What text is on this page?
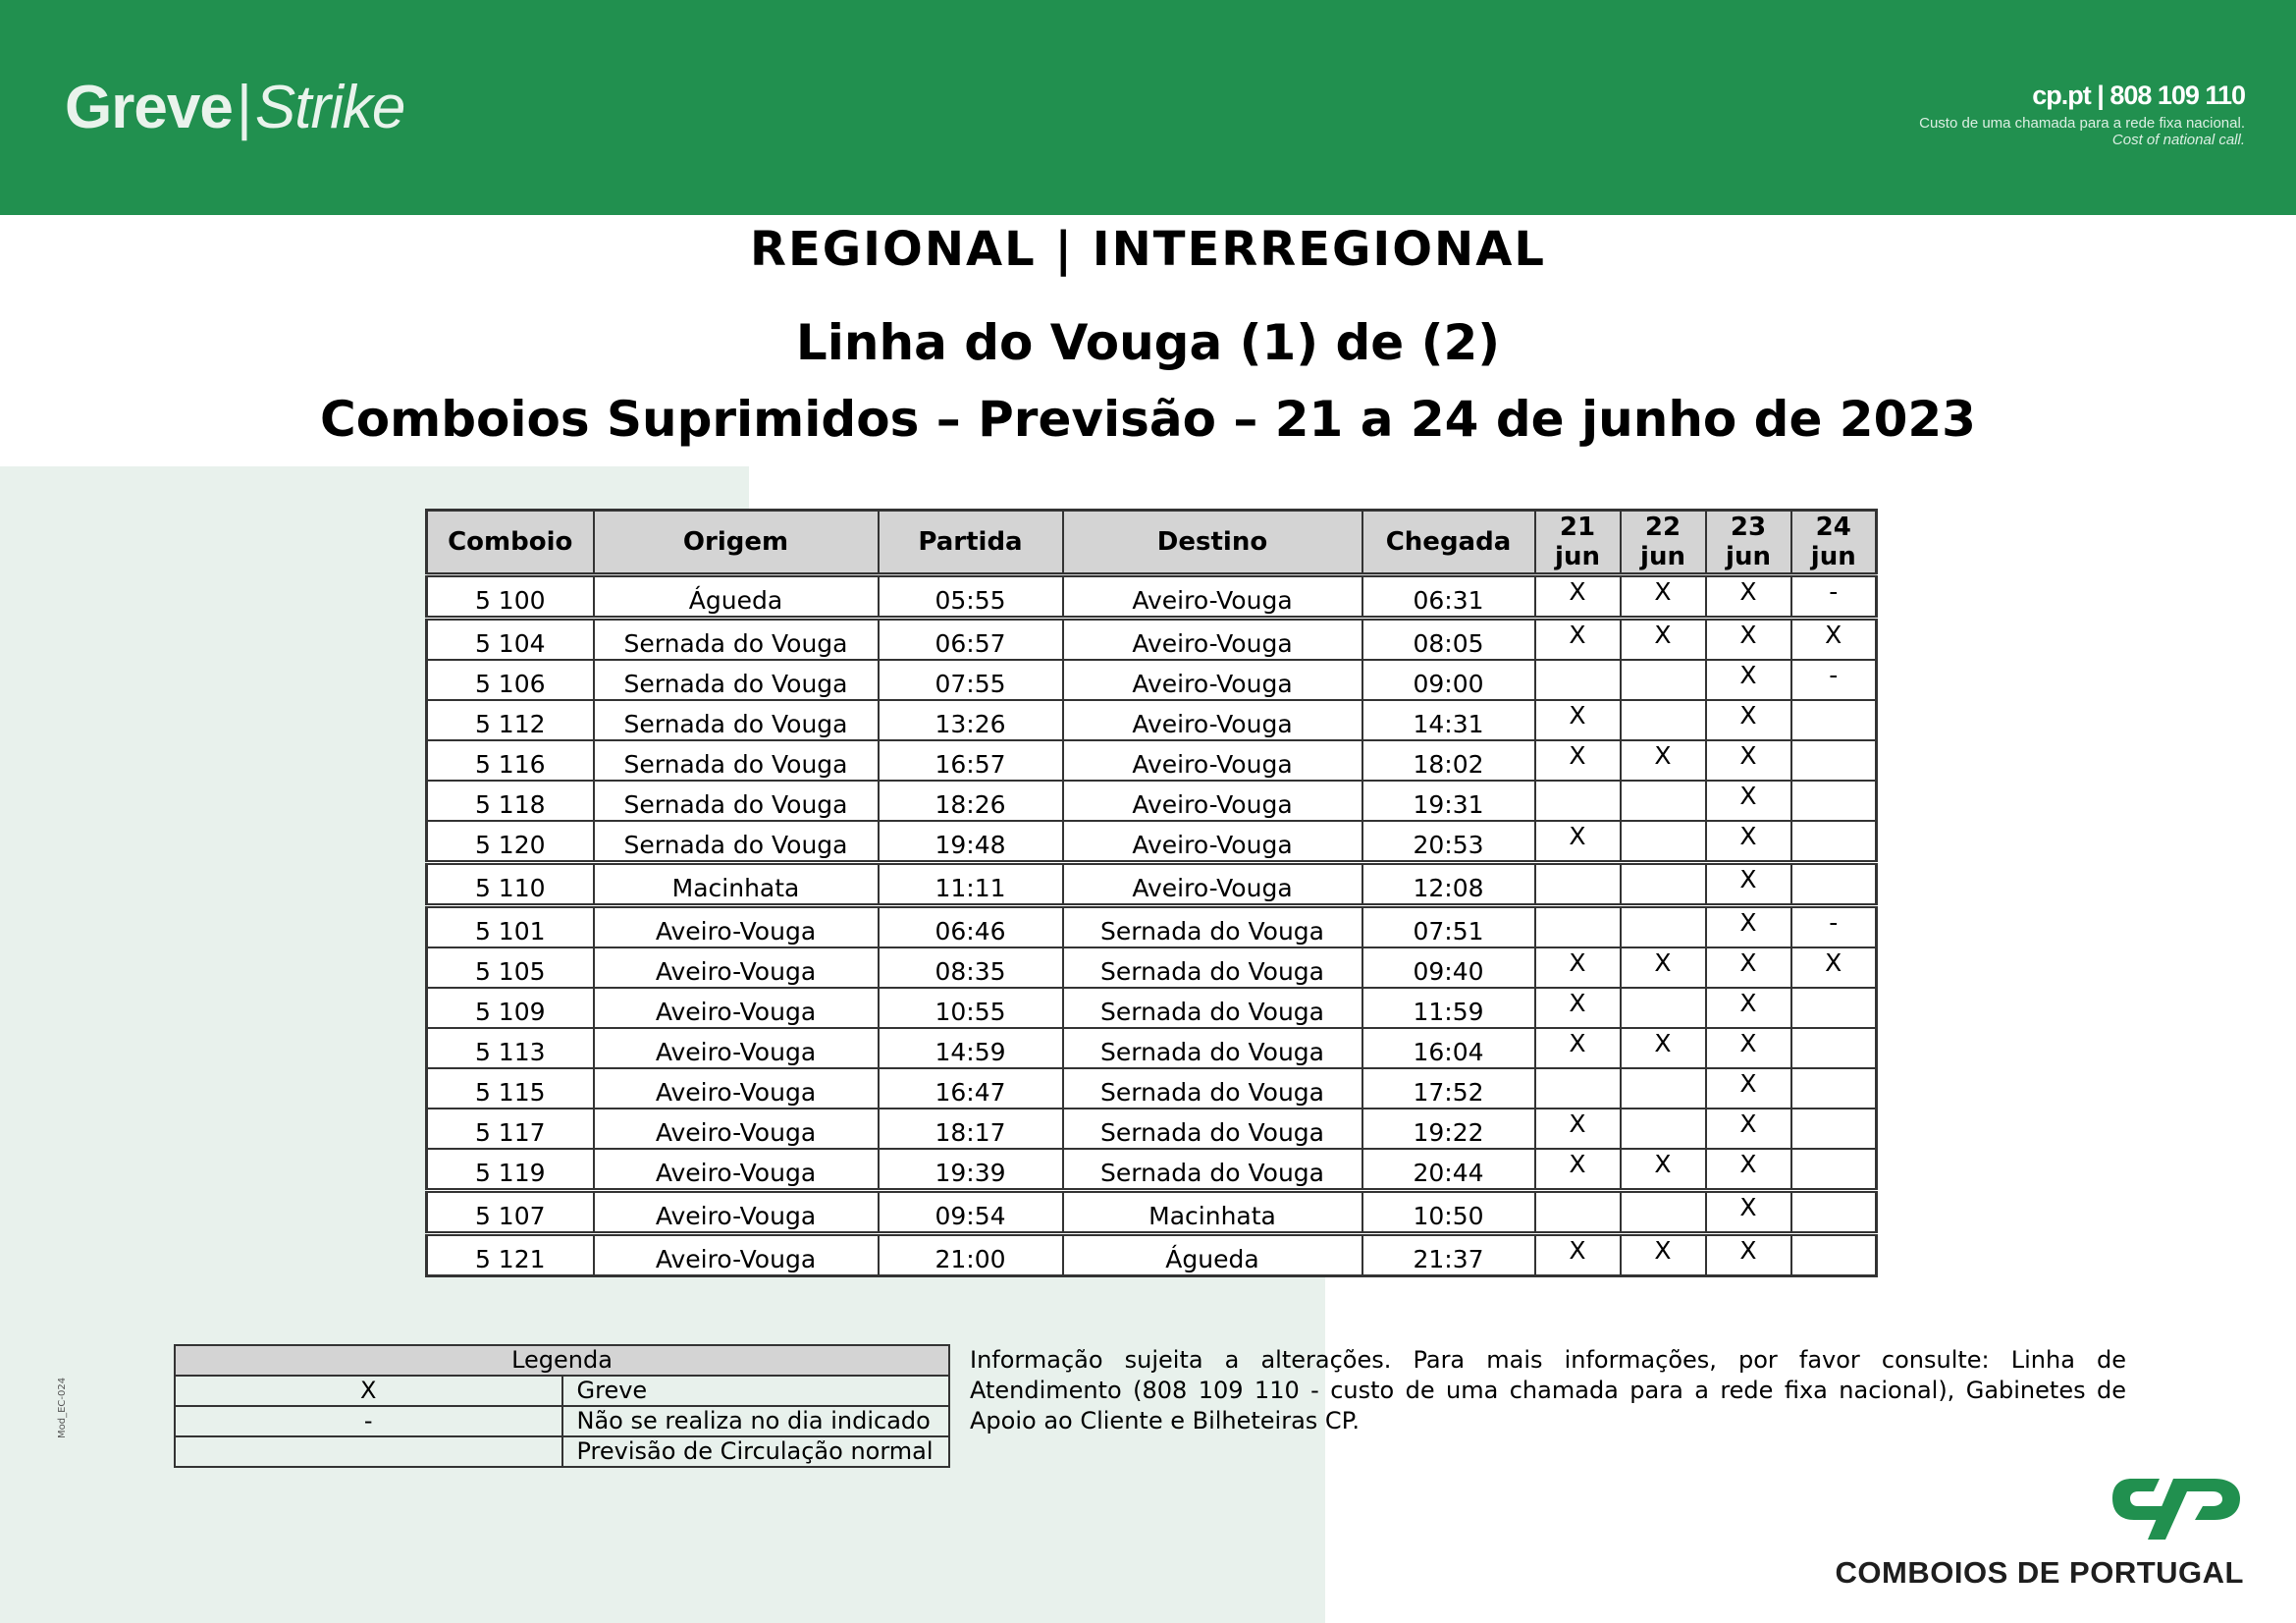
Greve|Strike	cp.pt | 808 109 110
Custo de uma chamada para a rede fixa nacional.
Cost of national call.
REGIONAL | INTERREGIONAL
Linha do Vouga (1) de (2)
Comboios Suprimidos – Previsão – 21 a 24 de junho de 2023
Comboio	Origem	Partida	Destino	Chegada	21 jun	22 jun	23 jun	24 jun
5 100	Águeda	05:55	Aveiro-Vouga	06:31	X	X	X	-
5 104	Sernada do Vouga	06:57	Aveiro-Vouga	08:05	X	X	X	X
5 106	Sernada do Vouga	07:55	Aveiro-Vouga	09:00			X	-
5 112	Sernada do Vouga	13:26	Aveiro-Vouga	14:31	X		X	
5 116	Sernada do Vouga	16:57	Aveiro-Vouga	18:02	X	X	X	
5 118	Sernada do Vouga	18:26	Aveiro-Vouga	19:31			X	
5 120	Sernada do Vouga	19:48	Aveiro-Vouga	20:53	X		X	
5 110	Macinhata	11:11	Aveiro-Vouga	12:08			X	
5 101	Aveiro-Vouga	06:46	Sernada do Vouga	07:51			X	-
5 105	Aveiro-Vouga	08:35	Sernada do Vouga	09:40	X	X	X	X
5 109	Aveiro-Vouga	10:55	Sernada do Vouga	11:59	X		X	
5 113	Aveiro-Vouga	14:59	Sernada do Vouga	16:04	X	X	X	
5 115	Aveiro-Vouga	16:47	Sernada do Vouga	17:52			X	
5 117	Aveiro-Vouga	18:17	Sernada do Vouga	19:22	X		X	
5 119	Aveiro-Vouga	19:39	Sernada do Vouga	20:44	X	X	X	
5 107	Aveiro-Vouga	09:54	Macinhata	10:50			X	
5 121	Aveiro-Vouga	21:00	Águeda	21:37	X	X	X	
Legenda	
X	Greve
-	Não se realiza no dia indicado
	Previsão de Circulação normal
Informação sujeita a alterações. Para mais informações, por favor consulte: Linha de Atendimento (808 109 110 - custo de uma chamada para a rede fixa nacional), Gabinetes de Apoio ao Cliente e Bilheteiras CP.
Mod_EC-024
COMBOIOS DE PORTUGAL
